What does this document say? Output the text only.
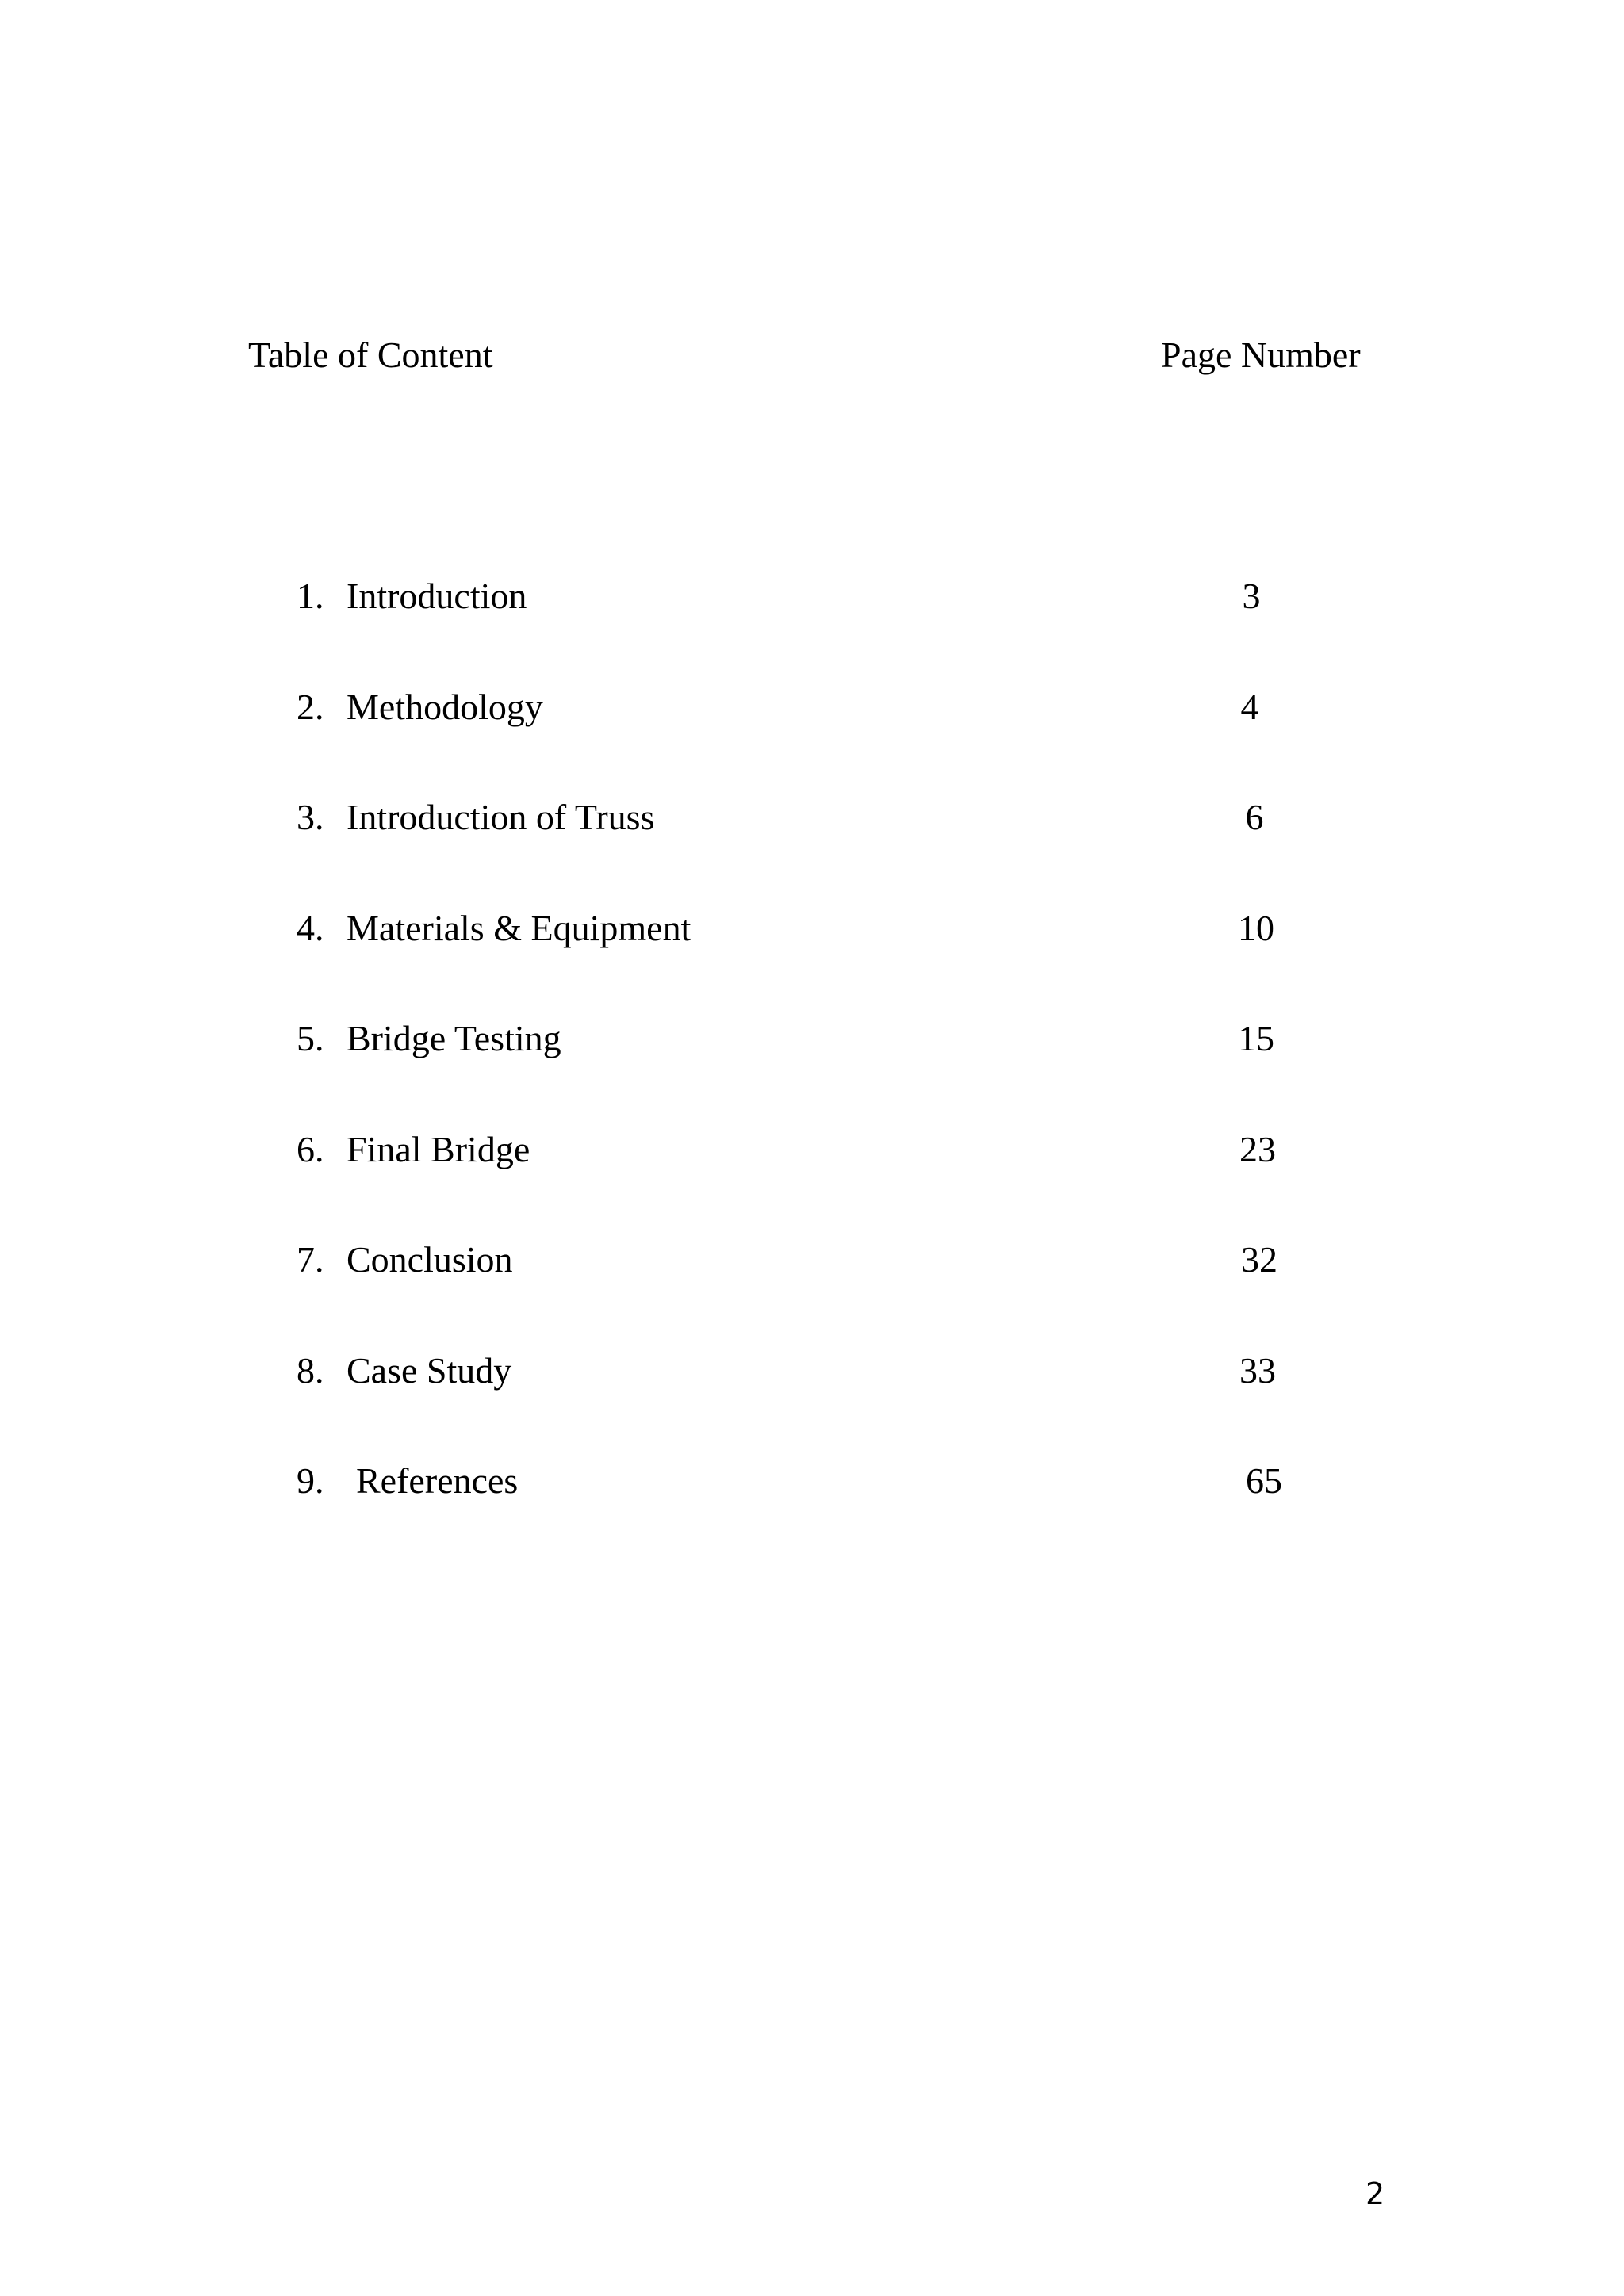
Table of Content	Page Number
1. Introduction	3
2. Methodology	4
3. Introduction of Truss	6
4. Materials & Equipment	10
5. Bridge Testing	15
6. Final Bridge	23
7. Conclusion	32
8. Case Study	33
9. References	65
2
